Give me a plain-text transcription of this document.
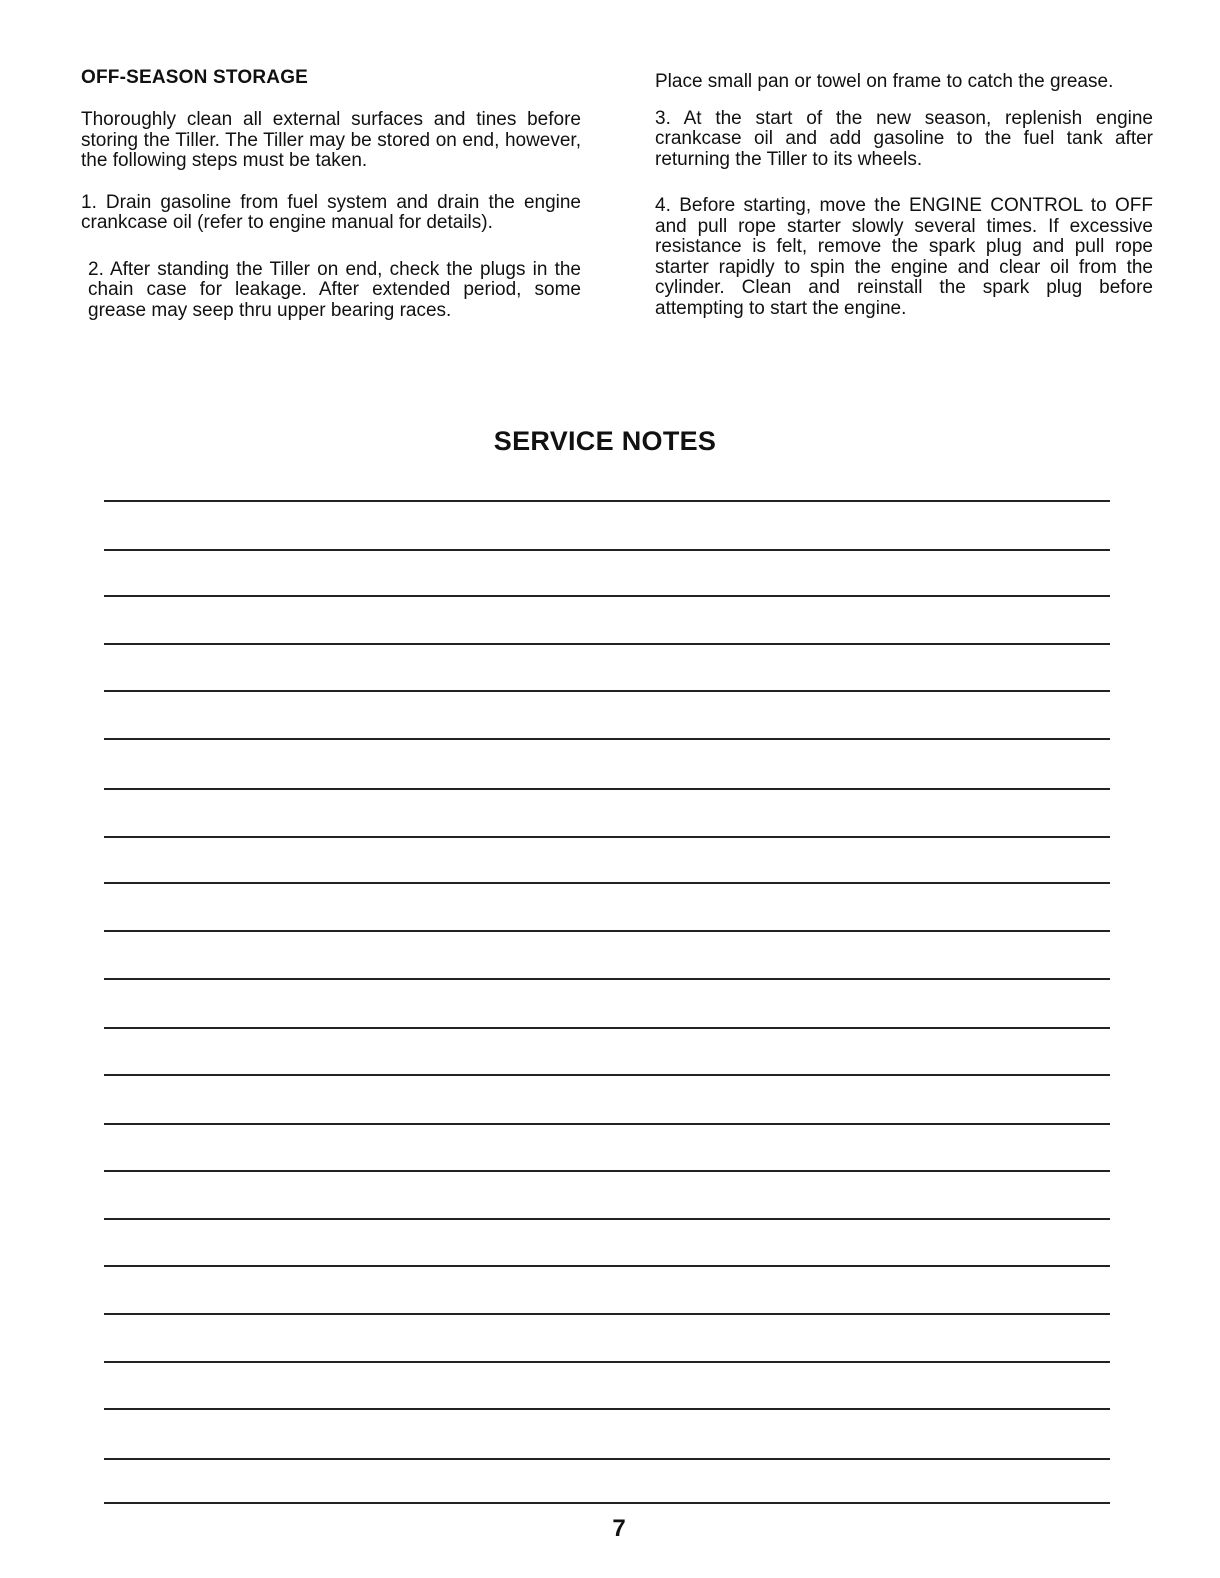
OFF-SEASON STORAGE

Thoroughly clean all external surfaces and tines before storing the Tiller. The Tiller may be stored on end, however, the following steps must be taken.

1. Drain gasoline from fuel system and drain the engine crankcase oil (refer to engine manual for details).

2. After standing the Tiller on end, check the plugs in the chain case for leakage. After extended period, some grease may seep thru upper bearing races.

Place small pan or towel on frame to catch the grease.

3. At the start of the new season, replenish engine crankcase oil and add gasoline to the fuel tank after returning the Tiller to its wheels.

4. Before starting, move the ENGINE CONTROL to OFF and pull rope starter slowly several times. If excessive resistance is felt, remove the spark plug and pull rope starter rapidly to spin the engine and clear oil from the cylinder. Clean and reinstall the spark plug before attempting to start the engine.

SERVICE NOTES
7
